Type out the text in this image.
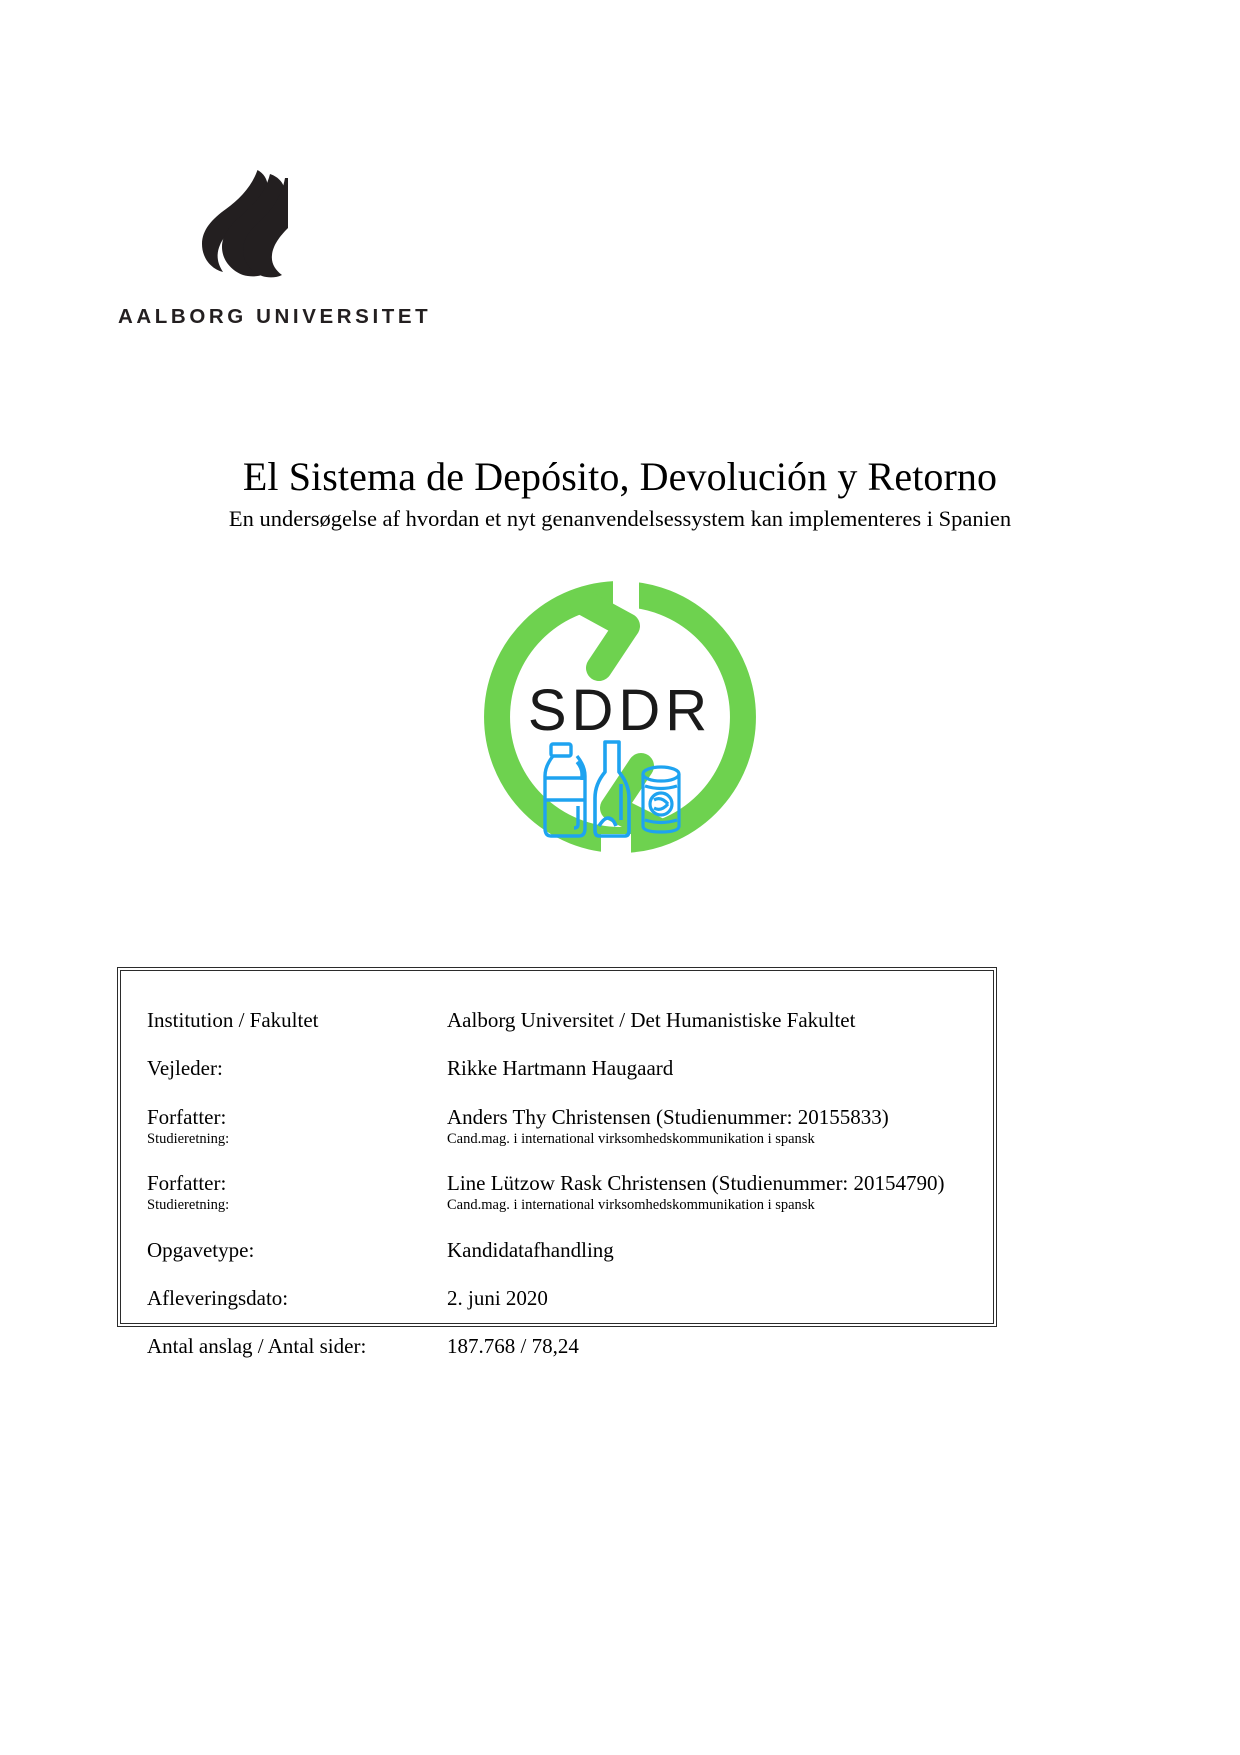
AALBORG UNIVERSITET
El Sistema de Depósito, Devolución y Retorno
En undersøgelse af hvordan et nyt genanvendelsessystem kan implementeres i Spanien
SDDR
Institution / Fakultet	Aalborg Universitet / Det Humanistiske Fakultet
Vejleder:	Rikke Hartmann Haugaard
Forfatter:	Anders Thy Christensen (Studienummer: 20155833)
Studieretning:	Cand.mag. i international virksomhedskommunikation i spansk
Forfatter:	Line Lützow Rask Christensen (Studienummer: 20154790)
Studieretning:	Cand.mag. i international virksomhedskommunikation i spansk
Opgavetype:	Kandidatafhandling
Afleveringsdato:	2. juni 2020
Antal anslag / Antal sider:	187.768 / 78,24
